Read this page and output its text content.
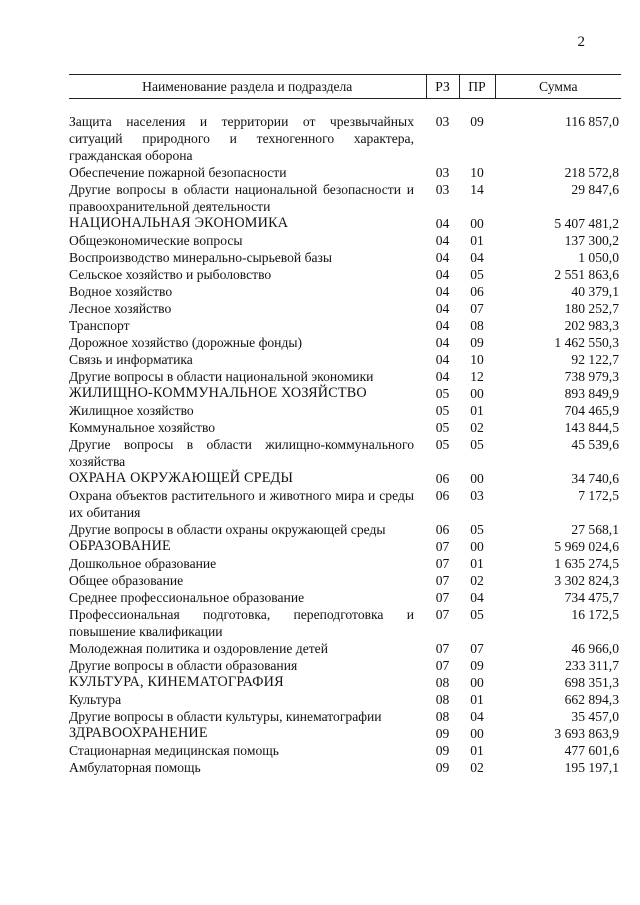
2
Наименование раздела и подраздела	РЗ	ПР	Сумма

Защита населения и территории от чрезвычайных ситуаций природного и техногенного характера, гражданская оборона	03	09	116 857,0
Обеспечение пожарной безопасности	03	10	218 572,8
Другие вопросы в области национальной безопасности и правоохранительной деятельности	03	14	29 847,6
НАЦИОНАЛЬНАЯ ЭКОНОМИКА	04	00	5 407 481,2
Общеэкономические вопросы	04	01	137 300,2
Воспроизводство минерально-сырьевой базы	04	04	1 050,0
Сельское хозяйство и рыболовство	04	05	2 551 863,6
Водное хозяйство	04	06	40 379,1
Лесное хозяйство	04	07	180 252,7
Транспорт	04	08	202 983,3
Дорожное хозяйство (дорожные фонды)	04	09	1 462 550,3
Связь и информатика	04	10	92 122,7
Другие вопросы в области национальной экономики	04	12	738 979,3
ЖИЛИЩНО-КОММУНАЛЬНОЕ ХОЗЯЙСТВО	05	00	893 849,9
Жилищное хозяйство	05	01	704 465,9
Коммунальное хозяйство	05	02	143 844,5
Другие вопросы в области жилищно-коммунального хозяйства	05	05	45 539,6
ОХРАНА ОКРУЖАЮЩЕЙ СРЕДЫ	06	00	34 740,6
Охрана объектов растительного и животного мира и среды их обитания	06	03	7 172,5
Другие вопросы в области охраны окружающей среды	06	05	27 568,1
ОБРАЗОВАНИЕ	07	00	5 969 024,6
Дошкольное образование	07	01	1 635 274,5
Общее образование	07	02	3 302 824,3
Среднее профессиональное образование	07	04	734 475,7
Профессиональная подготовка, переподготовка и повышение квалификации	07	05	16 172,5
Молодежная политика и оздоровление детей	07	07	46 966,0
Другие вопросы в области образования	07	09	233 311,7
КУЛЬТУРА, КИНЕМАТОГРАФИЯ	08	00	698 351,3
Культура	08	01	662 894,3
Другие вопросы в области культуры, кинематографии	08	04	35 457,0
ЗДРАВООХРАНЕНИЕ	09	00	3 693 863,9
Стационарная медицинская помощь	09	01	477 601,6
Амбулаторная помощь	09	02	195 197,1
